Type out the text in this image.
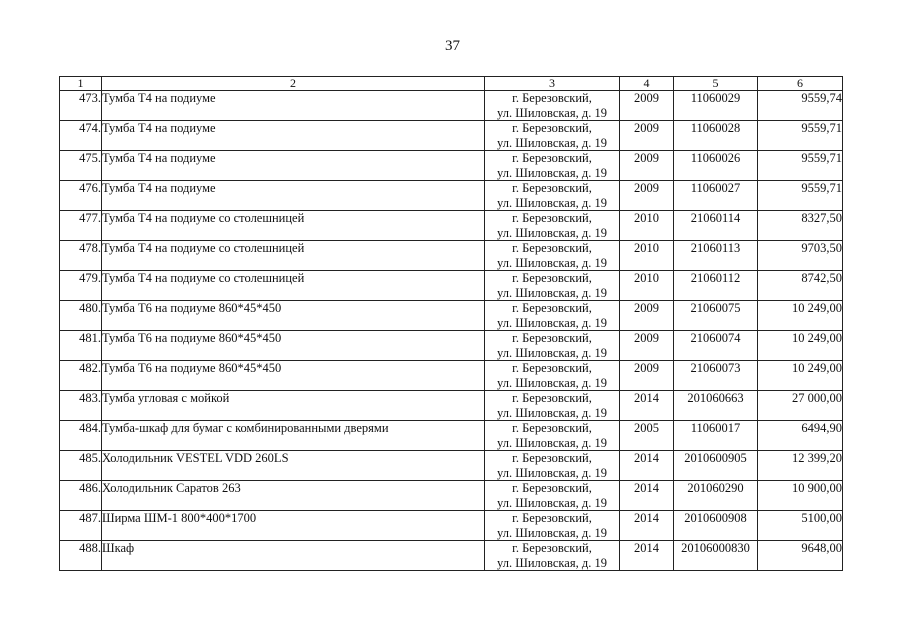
37
1	2	3	4	5	6
473.	Тумба Т4 на подиуме	г. Березовский,
ул. Шиловская, д. 19	2009	11060029	9559,74
474.	Тумба Т4 на подиуме	г. Березовский,
ул. Шиловская, д. 19	2009	11060028	9559,71
475.	Тумба Т4 на подиуме	г. Березовский,
ул. Шиловская, д. 19	2009	11060026	9559,71
476.	Тумба Т4 на подиуме	г. Березовский,
ул. Шиловская, д. 19	2009	11060027	9559,71
477.	Тумба Т4 на подиуме со столешницей	г. Березовский,
ул. Шиловская, д. 19	2010	21060114	8327,50
478.	Тумба Т4 на подиуме со столешницей	г. Березовский,
ул. Шиловская, д. 19	2010	21060113	9703,50
479.	Тумба Т4 на подиуме со столешницей	г. Березовский,
ул. Шиловская, д. 19	2010	21060112	8742,50
480.	Тумба Т6 на подиуме 860*45*450	г. Березовский,
ул. Шиловская, д. 19	2009	21060075	10 249,00
481.	Тумба Т6 на подиуме 860*45*450	г. Березовский,
ул. Шиловская, д. 19	2009	21060074	10 249,00
482.	Тумба Т6 на подиуме 860*45*450	г. Березовский,
ул. Шиловская, д. 19	2009	21060073	10 249,00
483.	Тумба угловая с мойкой	г. Березовский,
ул. Шиловская, д. 19	2014	201060663	27 000,00
484.	Тумба-шкаф для бумаг с комбинированными дверями	г. Березовский,
ул. Шиловская, д. 19	2005	11060017	6494,90
485.	Холодильник VESTEL VDD 260LS	г. Березовский,
ул. Шиловская, д. 19	2014	2010600905	12 399,20
486.	Холодильник Саратов 263	г. Березовский,
ул. Шиловская, д. 19	2014	201060290	10 900,00
487.	Ширма ШМ-1 800*400*1700	г. Березовский,
ул. Шиловская, д. 19	2014	2010600908	5100,00
488.	Шкаф	г. Березовский,
ул. Шиловская, д. 19	2014	20106000830	9648,00
